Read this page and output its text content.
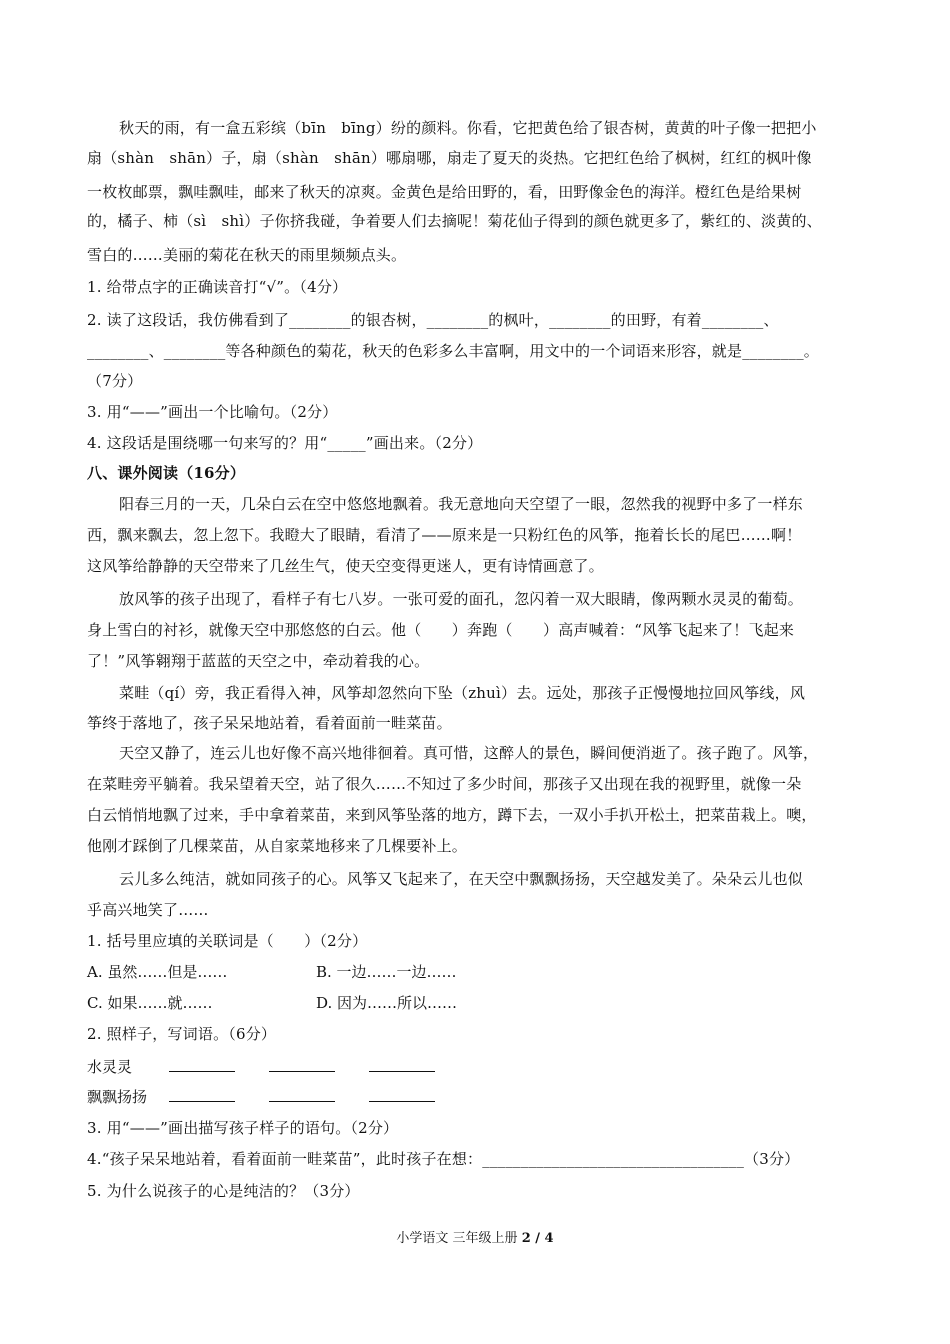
秋天的雨，有一盒五彩缤（bīn　bīng）纷的颜料。你看，它把黄色给了银杏树，黄黄的叶子像一把把小
扇（shàn　shān）子，扇（shàn　shān）哪扇哪，扇走了夏天的炎热。它把红色给了枫树，红红的枫叶像
一枚枚邮票，飘哇飘哇，邮来了秋天的凉爽。金黄色是给田野的，看，田野像金色的海洋。橙红色是给果树
的，橘子、柿（sì　shì）子你挤我碰，争着要人们去摘呢！菊花仙子得到的颜色就更多了，紫红的、淡黄的、
雪白的……美丽的菊花在秋天的雨里频频点头。
1. 给带点字的正确读音打“√”。（4分）
2. 读了这段话，我仿佛看到了________的银杏树，________的枫叶，________的田野，有着________、
________、________等各种颜色的菊花，秋天的色彩多么丰富啊，用文中的一个词语来形容，就是________。
（7分）
3. 用“——”画出一个比喻句。（2分）
4. 这段话是围绕哪一句来写的？用“_____”画出来。（2分）
八、课外阅读（16分）
阳春三月的一天，几朵白云在空中悠悠地飘着。我无意地向天空望了一眼，忽然我的视野中多了一样东
西，飘来飘去，忽上忽下。我瞪大了眼睛，看清了——原来是一只粉红色的风筝，拖着长长的尾巴……啊！
这风筝给静静的天空带来了几丝生气，使天空变得更迷人，更有诗情画意了。
放风筝的孩子出现了，看样子有七八岁。一张可爱的面孔，忽闪着一双大眼睛，像两颗水灵灵的葡萄。
身上雪白的衬衫，就像天空中那悠悠的白云。他（　　）奔跑（　　）高声喊着：“风筝飞起来了！飞起来
了！”风筝翱翔于蓝蓝的天空之中，牵动着我的心。
菜畦（qí）旁，我正看得入神，风筝却忽然向下坠（zhuì）去。远处，那孩子正慢慢地拉回风筝线，风
筝终于落地了，孩子呆呆地站着，看着面前一畦菜苗。
天空又静了，连云儿也好像不高兴地徘徊着。真可惜，这醉人的景色，瞬间便消逝了。孩子跑了。风筝，
在菜畦旁平躺着。我呆望着天空，站了很久……不知过了多少时间，那孩子又出现在我的视野里，就像一朵
白云悄悄地飘了过来，手中拿着菜苗，来到风筝坠落的地方，蹲下去，一双小手扒开松土，把菜苗栽上。噢，
他刚才踩倒了几棵菜苗，从自家菜地移来了几棵要补上。
云儿多么纯洁，就如同孩子的心。风筝又飞起来了，在天空中飘飘扬扬，天空越发美了。朵朵云儿也似
乎高兴地笑了……
1. 括号里应填的关联词是（　　）（2分）
A. 虽然……但是……	B. 一边……一边……
C. 如果……就……	D. 因为……所以……
2. 照样子，写词语。（6分）
水灵灵
飘飘扬扬
3. 用“——”画出描写孩子样子的语句。（2分）
4.“孩子呆呆地站着，看着面前一畦菜苗”，此时孩子在想：__________________________________（3分）
5. 为什么说孩子的心是纯洁的？（3分）
小学语文 三年级上册 2 / 4
